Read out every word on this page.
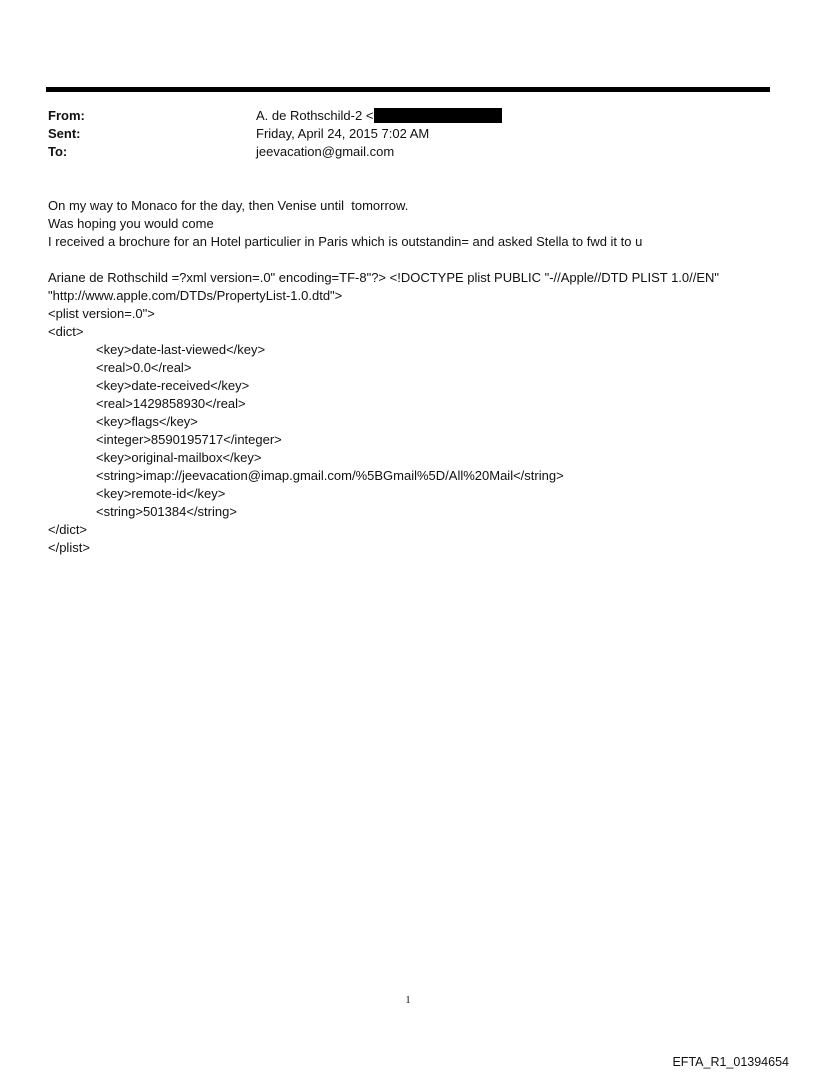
From:	A. de Rothschild-2 <
Sent:	Friday, April 24, 2015 7:02 AM
To:	jeevacation@gmail.com
On my way to Monaco for the day, then Venise until  tomorrow.
Was hoping you would come
I received a brochure for an Hotel particulier in Paris which is outstandin= and asked Stella to fwd it to u
Ariane de Rothschild =?xml version=.0" encoding=TF-8"?> <!DOCTYPE plist PUBLIC "-//Apple//DTD PLIST 1.0//EN"
"http://www.apple.com/DTDs/PropertyList-1.0.dtd">
<plist version=.0">
<dict>
<key>date-last-viewed</key>
<real>0.0</real>
<key>date-received</key>
<real>1429858930</real>
<key>flags</key>
<integer>8590195717</integer>
<key>original-mailbox</key>
<string>imap://jeevacation@imap.gmail.com/%5BGmail%5D/All%20Mail</string>
<key>remote-id</key>
<string>501384</string>
</dict>
</plist>
1
EFTA_R1_01394654
